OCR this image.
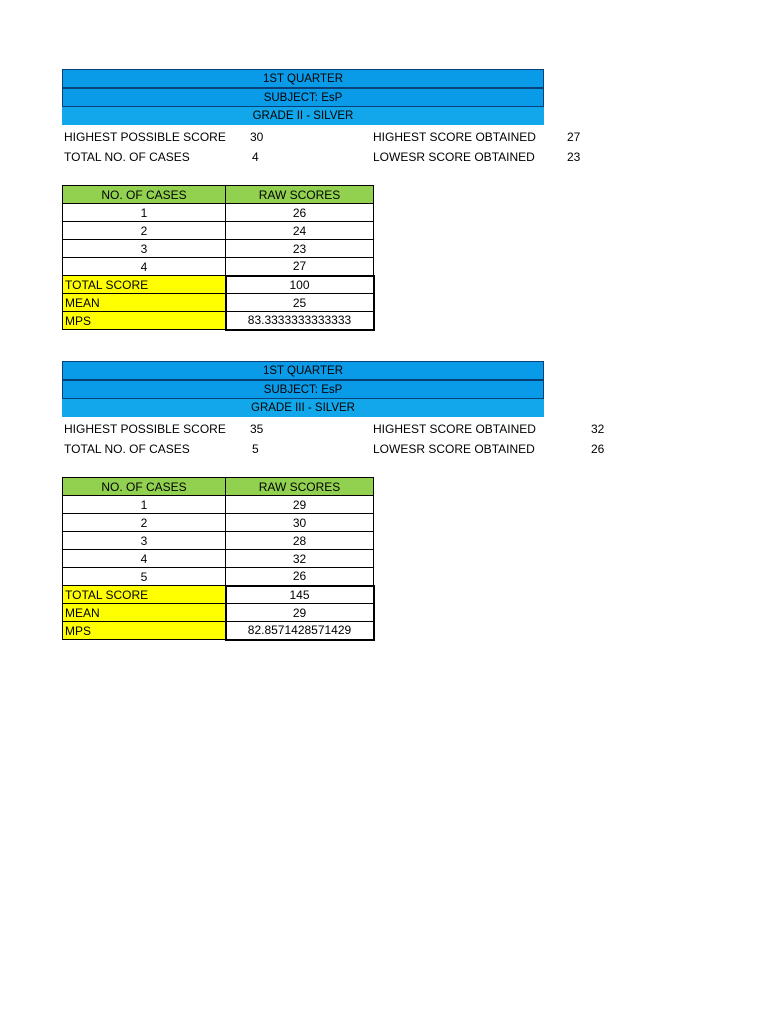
1ST QUARTER
SUBJECT: EsP
GRADE II - SILVER
HIGHEST POSSIBLE SCORE 30	HIGHEST SCORE OBTAINED	27
TOTAL NO. OF CASES	4	LOWESR SCORE OBTAINED	23
NO. OF CASES	RAW SCORES
1	26
2	24
3	23
4	27
TOTAL SCORE	100
MEAN	25
MPS	83.3333333333333
1ST QUARTER
SUBJECT: EsP
GRADE III - SILVER
HIGHEST POSSIBLE SCORE 35	HIGHEST SCORE OBTAINED	32
TOTAL NO. OF CASES	5	LOWESR SCORE OBTAINED	26
NO. OF CASES	RAW SCORES
1	29
2	30
3	28
4	32
5	26
TOTAL SCORE	145
MEAN	29
MPS	82.8571428571429
